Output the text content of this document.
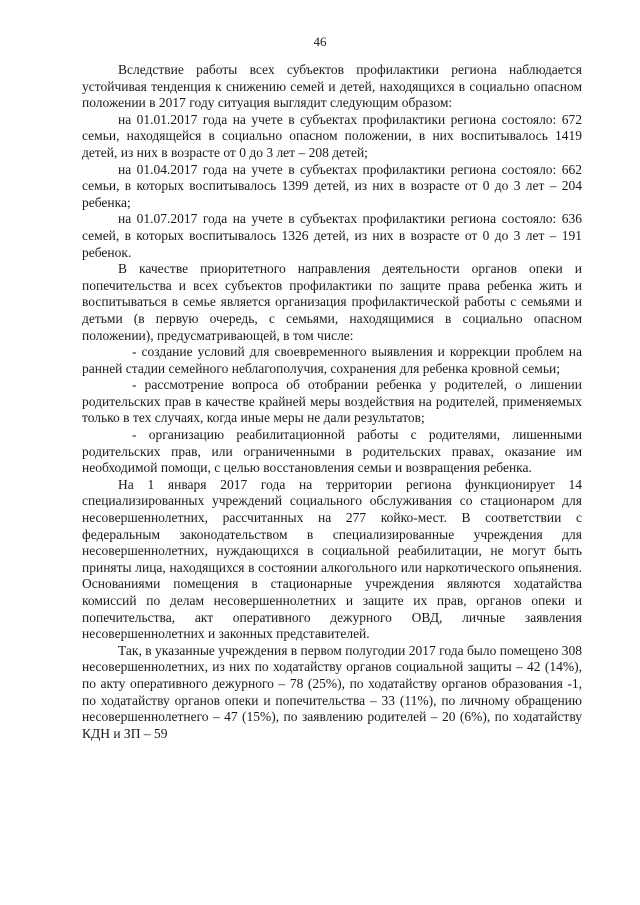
46

Вследствие работы всех субъектов профилактики региона наблюдается устойчивая тенденция к снижению семей и детей, находящихся в социально опасном положении в 2017 году ситуация выглядит следующим образом:

на 01.01.2017 года на учете в субъектах профилактики региона состояло: 672 семьи, находящейся в социально опасном положении, в них воспитывалось 1419 детей, из них в возрасте от 0 до 3 лет – 208 детей;

на 01.04.2017 года на учете в субъектах профилактики региона состояло: 662 семьи, в которых воспитывалось 1399 детей, из них в возрасте от 0 до 3 лет – 204 ребенка;

на 01.07.2017 года на учете в субъектах профилактики региона состояло: 636 семей, в которых воспитывалось 1326 детей, из них в возрасте от 0 до 3 лет – 191 ребенок.

В качестве приоритетного направления деятельности органов опеки и попечительства и всех субъектов профилактики по защите права ребенка жить и воспитываться в семье является организация профилактической работы с семьями и детьми (в первую очередь, с семьями, находящимися в социально опасном положении), предусматривающей, в том числе:

- создание условий для своевременного выявления и коррекции проблем на ранней стадии семейного неблагополучия, сохранения для ребенка кровной семьи;

- рассмотрение вопроса об отобрании ребенка у родителей, о лишении родительских прав в качестве крайней меры воздействия на родителей, применяемых только в тех случаях, когда иные меры не дали результатов;

- организацию реабилитационной работы с родителями, лишенными родительских прав, или ограниченными в родительских правах, оказание им необходимой помощи, с целью восстановления семьи и возвращения ребенка.

На 1 января 2017 года на территории региона функционирует 14 специализированных учреждений социального обслуживания со стационаром для несовершеннолетних, рассчитанных на 277 койко-мест. В соответствии с федеральным законодательством в специализированные учреждения для несовершеннолетних, нуждающихся в социальной реабилитации, не могут быть приняты лица, находящихся в состоянии алкогольного или наркотического опьянения. Основаниями помещения в стационарные учреждения являются ходатайства комиссий по делам несовершеннолетних и защите их прав, органов опеки и попечительства, акт оперативного дежурного ОВД, личные заявления несовершеннолетних и законных представителей.

Так, в указанные учреждения в первом полугодии 2017 года было помещено 308 несовершеннолетних, из них по ходатайству органов социальной защиты – 42 (14%), по акту оперативного дежурного – 78 (25%), по ходатайству органов образования -1, по ходатайству органов опеки и попечительства – 33 (11%), по личному обращению несовершеннолетнего – 47 (15%), по заявлению родителей – 20 (6%), по ходатайству КДН и ЗП – 59
